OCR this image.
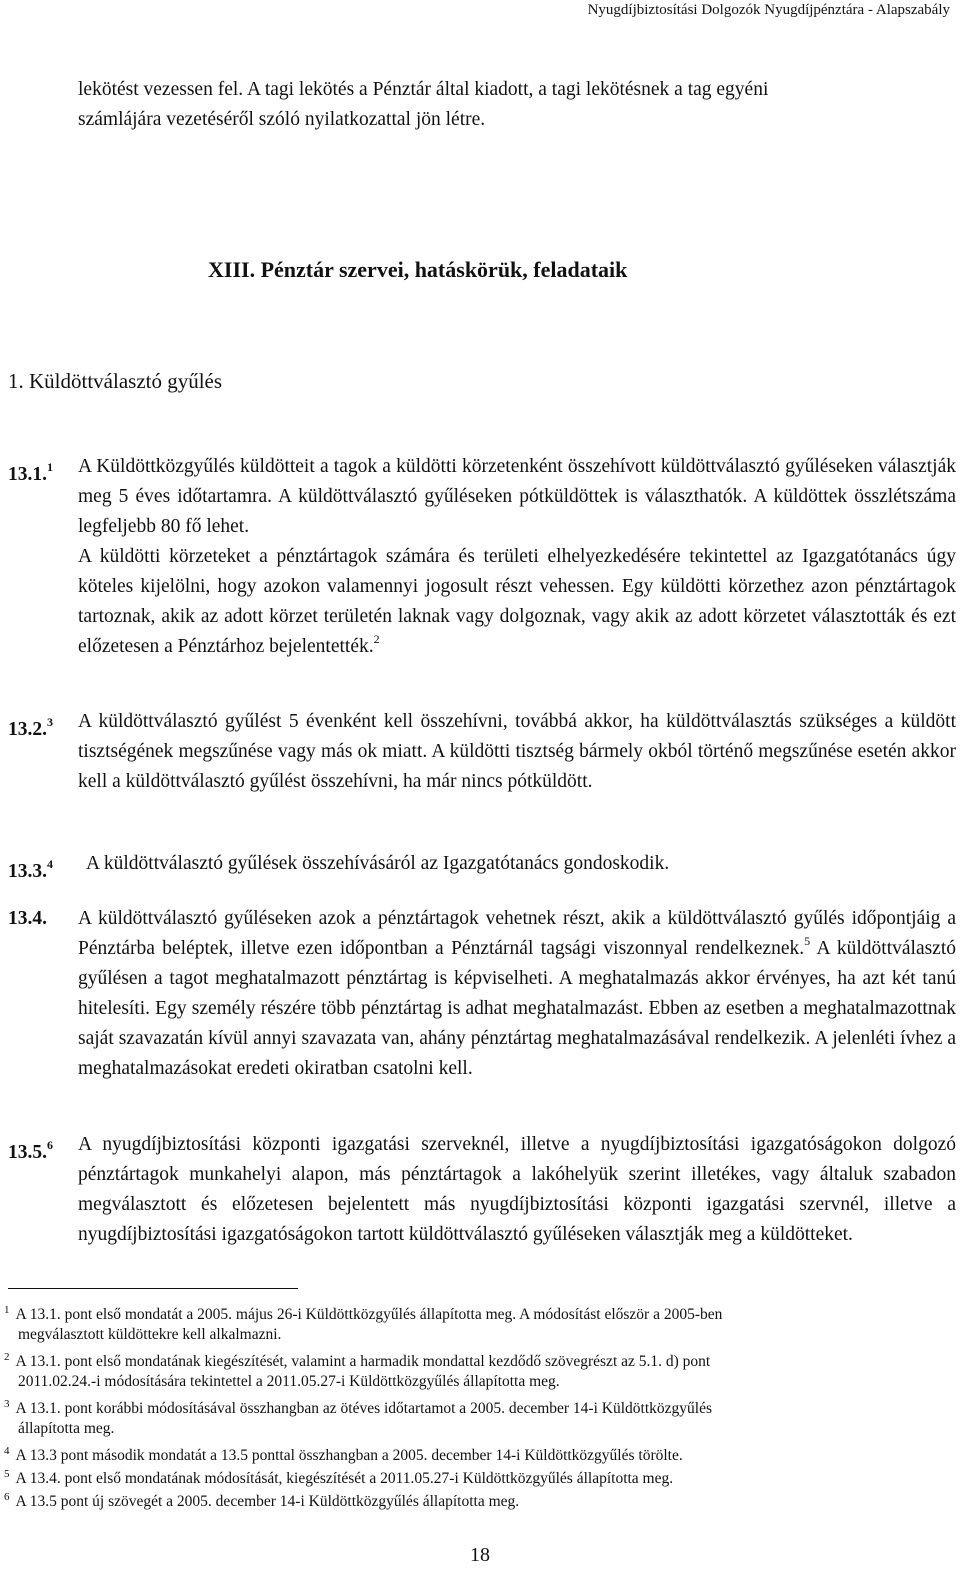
Nyugdíjbiztosítási Dolgozók Nyugdíjpénztára - Alapszabály
lekötést vezessen fel. A tagi lekötés a Pénztár által kiadott, a tagi lekötésnek a tag egyéni
számlájára vezetéséről szóló nyilatkozattal jön létre.
XIII. Pénztár szervei, hatáskörük, feladataik
1. Küldöttválasztó gyűlés
13.1.$^1$ A Küldöttközgyűlés küldötteit a tagok a küldötti körzetenként összehívott küldöttválasztó gyűléseken választják meg 5 éves időtartamra. A küldöttválasztó gyűléseken pótküldöttek is választhatók. A küldöttek összlétszáma legfeljebb 80 fő lehet.
A küldötti körzeteket a pénztártagok számára és területi elhelyezkedésére tekintettel az Igazgatótanács úgy köteles kijelölni, hogy azokon valamennyi jogosult részt vehessen. Egy küldötti körzethez azon pénztártagok tartoznak, akik az adott körzet területén laknak vagy dolgoznak, vagy akik az adott körzetet választották és ezt előzetesen a Pénztárhoz bejelentették.$^2$
13.2.$^3$ A küldöttválasztó gyűlést 5 évenként kell összehívni, továbbá akkor, ha küldöttválasztás szükséges a küldött tisztségének megszűnése vagy más ok miatt. A küldötti tisztség bármely okból történő megszűnése esetén akkor kell a küldöttválasztó gyűlést összehívni, ha már nincs pótküldött.
13.3.$^4$ A küldöttválasztó gyűlések összehívásáról az Igazgatótanács gondoskodik.
13.4. A küldöttválasztó gyűléseken azok a pénztártagok vehetnek részt, akik a küldöttválasztó gyűlés időpontjáig a Pénztárba beléptek, illetve ezen időpontban a Pénztárnál tagsági viszonnyal rendelkeznek.$^5$ A küldöttválasztó gyűlésen a tagot meghatalmazott pénztártag is képviselheti. A meghatalmazás akkor érvényes, ha azt két tanú hitelesíti. Egy személy részére több pénztártag is adhat meghatalmazást. Ebben az esetben a meghatalmazottnak saját szavazatán kívül annyi szavazata van, ahány pénztártag meghatalmazásával rendelkezik. A jelenléti ívhez a meghatalmazásokat eredeti okiratban csatolni kell.
13.5.$^6$ A nyugdíjbiztosítási központi igazgatási szerveknél, illetve a nyugdíjbiztosítási igazgatóságokon dolgozó pénztártagok munkahelyi alapon, más pénztártagok a lakóhelyük szerint illetékes, vagy általuk szabadon megválasztott és előzetesen bejelentett más nyugdíjbiztosítási központi igazgatási szervnél, illetve a nyugdíjbiztosítási igazgatóságokon tartott küldöttválasztó gyűléseken választják meg a küldötteket.
$^1$ A 13.1. pont első mondatát a 2005. május 26-i Küldöttközgyűlés állapította meg. A módosítást először a 2005-ben
megválasztott küldöttekre kell alkalmazni.
$^2$ A 13.1. pont első mondatának kiegészítését, valamint a harmadik mondattal kezdődő szövegrészt az 5.1. d) pont
2011.02.24.-i módosítására tekintettel a 2011.05.27-i Küldöttközgyűlés állapította meg.
$^3$ A 13.1. pont korábbi módosításával összhangban az ötéves időtartamot a 2005. december 14-i Küldöttközgyűlés
állapította meg.
$^4$ A 13.3 pont második mondatát a 13.5 ponttal összhangban a 2005. december 14-i Küldöttközgyűlés törölte.
$^5$ A 13.4. pont első mondatának módosítását, kiegészítését a 2011.05.27-i Küldöttközgyűlés állapította meg.
$^6$ A 13.5 pont új szövegét a 2005. december 14-i Küldöttközgyűlés állapította meg.
18
